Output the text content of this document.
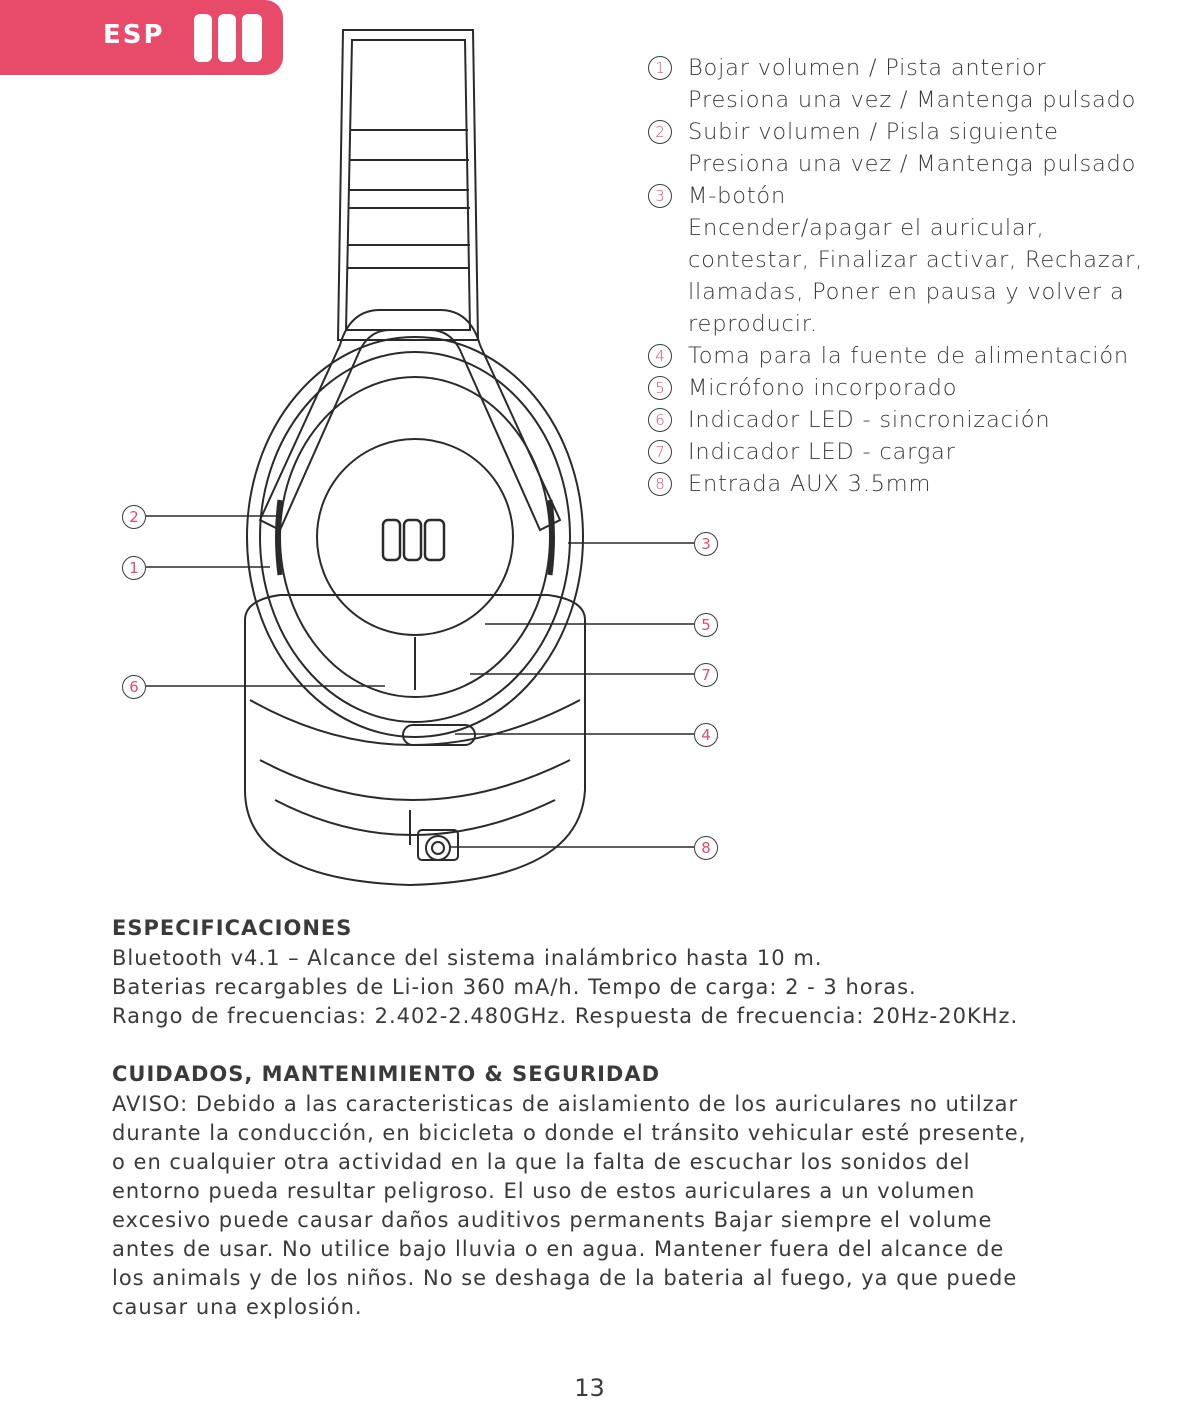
ESP
2
1
6
3
5
7
4
8
1	Bojar volumen / Pista anterior
Presiona una vez / Mantenga pulsado
2	Subir volumen / Pisla siguiente
Presiona una vez / Mantenga pulsado
3	M-botón
Encender/apagar el auricular,
contestar, Finalizar activar, Rechazar,
llamadas, Poner en pausa y volver a
reproducir.
4	Toma para la fuente de alimentación
5	Micrófono incorporado
6	Indicador LED - sincronización
7	Indicador LED - cargar
8	Entrada AUX 3.5mm
ESPECIFICACIONES

Bluetooth v4.1 – Alcance del sistema inalámbrico hasta 10 m.

Baterias recargables de Li-ion 360 mA/h. Tempo de carga: 2 - 3 horas.

Rango de frecuencias: 2.402-2.480GHz. Respuesta de frecuencia: 20Hz-20KHz.

CUIDADOS, MANTENIMIENTO & SEGURIDAD

AVISO: Debido a las caracteristicas de aislamiento de los auriculares no utilzar

durante la conducción, en bicicleta o donde el tránsito vehicular esté presente,

o en cualquier otra actividad en la que la falta de escuchar los sonidos del

entorno pueda resultar peligroso. El uso de estos auriculares a un volumen

excesivo puede causar daños auditivos permanents Bajar siempre el volume

antes de usar. No utilice bajo lluvia o en agua. Mantener fuera del alcance de

los animals y de los niños. No se deshaga de la bateria al fuego, ya que puede

causar una explosión.

13
